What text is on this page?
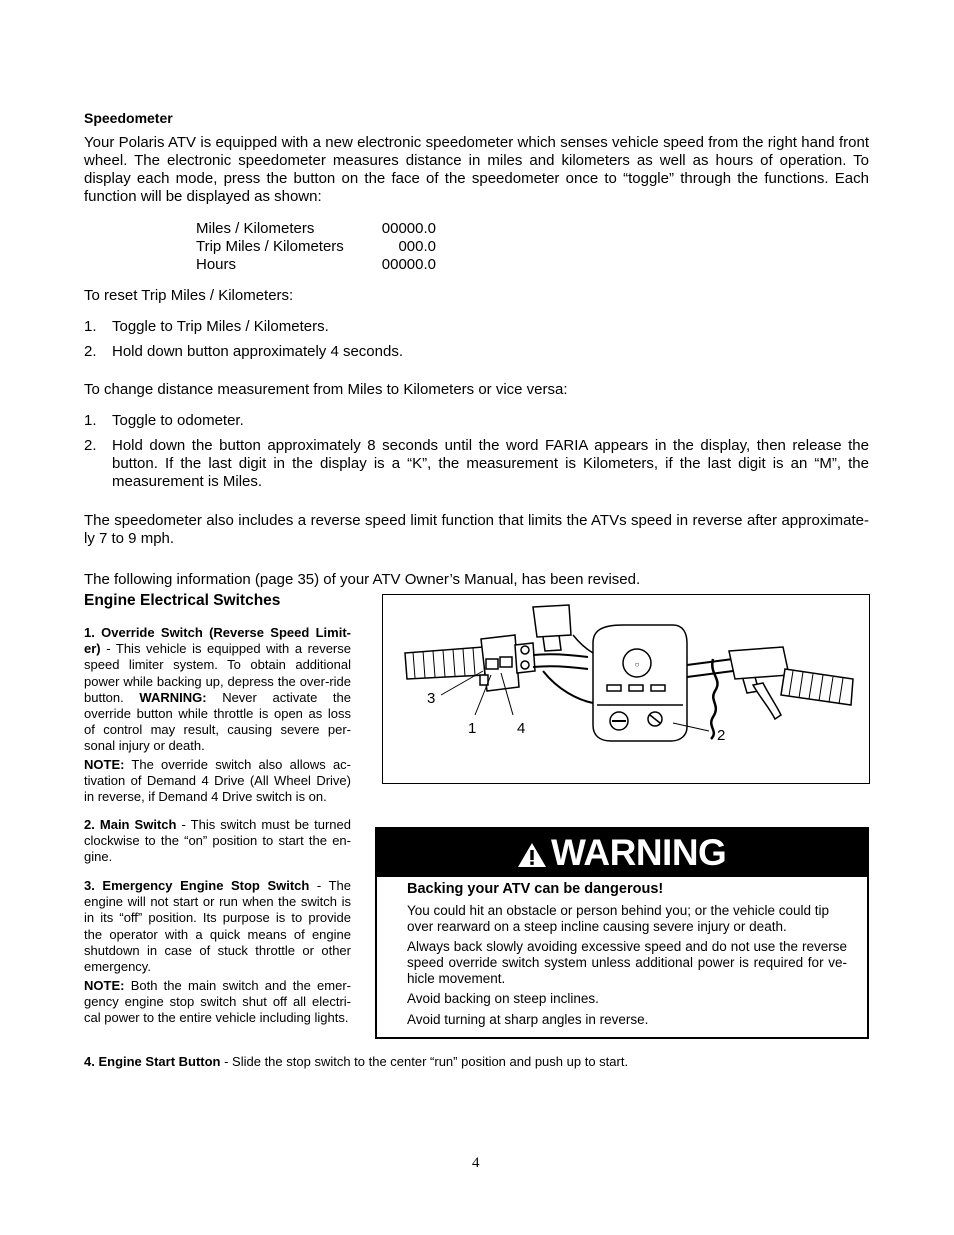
Speedometer
Your Polaris ATV is equipped with a new electronic speedometer which senses vehicle speed from the right hand front wheel. The electronic speedometer measures distance in miles and kilometers as well as hours of operation. To display each mode, press the button on the face of the speedometer once to “toggle” through the functions. Each function will be displayed as shown:
Miles / Kilometers	00000.0
Trip Miles / Kilometers	000.0
Hours	00000.0
To reset Trip Miles / Kilometers:
1. Toggle to Trip Miles / Kilometers.
2. Hold down button approximately 4 seconds.
To change distance measurement from Miles to Kilometers or vice versa:
1. Toggle to odometer.
2. Hold down the button approximately 8 seconds until the word FARIA appears in the display, then release the button. If the last digit in the display is a “K”, the measurement is Kilometers, if the last digit is an “M”, the measurement is Miles.
The speedometer also includes a reverse speed limit function that limits the ATVs speed in reverse after approximate-ly 7 to 9 mph.
The following information (page 35) of your ATV Owner’s Manual, has been revised.
Engine Electrical Switches
1. Override Switch (Reverse Speed Limit-er) - This vehicle is equipped with a reverse speed limiter system. To obtain additional power while backing up, depress the over-ride button. WARNING: Never activate the override button while throttle is open as loss of control may result, causing severe per-sonal injury or death.
NOTE: The override switch also allows ac-tivation of Demand 4 Drive (All Wheel Drive) in reverse, if Demand 4 Drive switch is on.
2. Main Switch - This switch must be turned clockwise to the “on” position to start the en-gine.
3. Emergency Engine Stop Switch - The engine will not start or run when the switch is in its “off” position. Its purpose is to provide the operator with a quick means of engine shutdown in case of stuck throttle or other emergency.
NOTE: Both the main switch and the emer-gency engine stop switch shut off all electri-cal power to the entire vehicle including lights.
4. Engine Start Button - Slide the stop switch to the center “run” position and push up to start.
○
3
1	4	2
WARNING
Backing your ATV can be dangerous!
You could hit an obstacle or person behind you; or the vehicle could tip over rearward on a steep incline causing severe injury or death.
Always back slowly avoiding excessive speed and do not use the reverse speed override switch system unless additional power is required for ve-hicle movement.
Avoid backing on steep inclines.
Avoid turning at sharp angles in reverse.
4
